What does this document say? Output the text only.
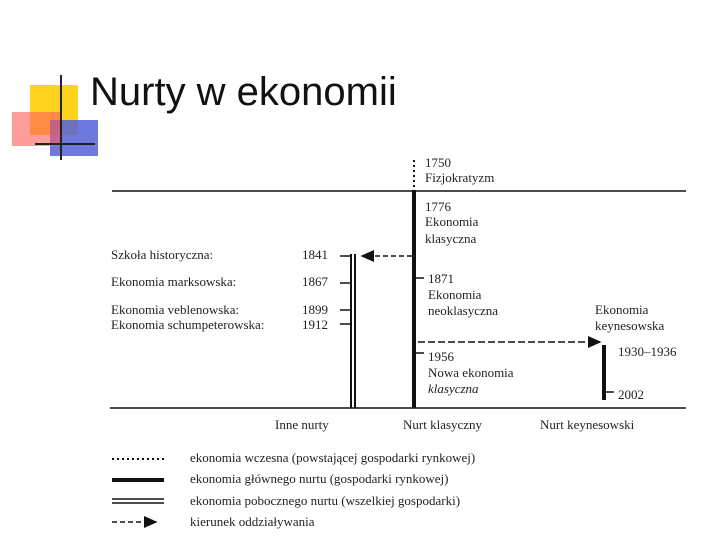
Nurty w ekonomii
1750
Fizjokratyzm
1776
Ekonomia
klasyczna
1871
Ekonomia
neoklasyczna
1956
Nowa ekonomia
klasyczna
Szkoła historyczna:	1841
Ekonomia marksowska:	1867
Ekonomia veblenowska:	1899
Ekonomia schumpeterowska:	1912
Ekonomia
keynesowska
1930–1936
2002
Inne nurty	Nurt klasyczny	Nurt keynesowski
ekonomia wczesna (powstającej gospodarki rynkowej)
ekonomia głównego nurtu (gospodarki rynkowej)
ekonomia pobocznego nurtu (wszelkiej gospodarki)
kierunek oddziaływania
